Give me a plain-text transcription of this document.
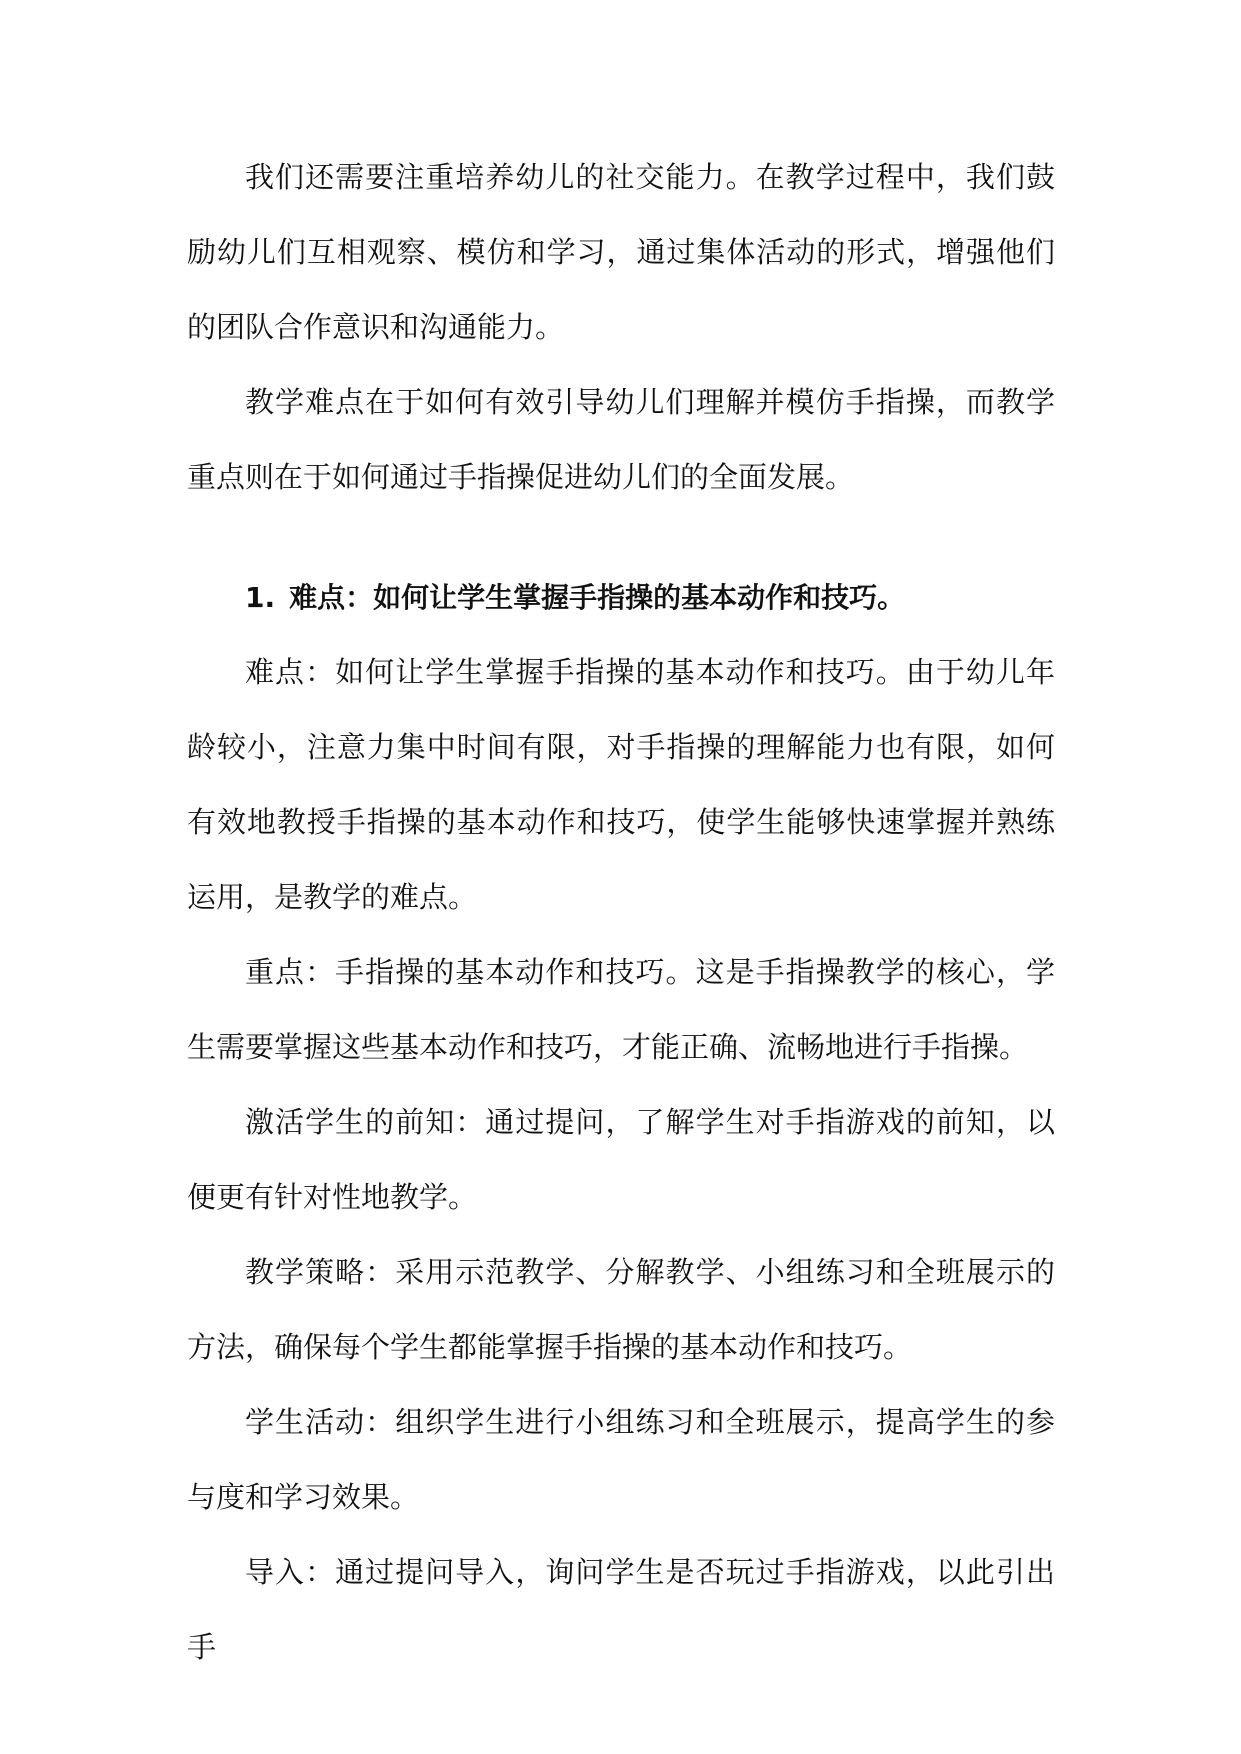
我们还需要注重培养幼儿的社交能力。在教学过程中，我们鼓励幼儿们互相观察、模仿和学习，通过集体活动的形式，增强他们的团队合作意识和沟通能力。

教学难点在于如何有效引导幼儿们理解并模仿手指操，而教学重点则在于如何通过手指操促进幼儿们的全面发展。

1. 难点：如何让学生掌握手指操的基本动作和技巧。

难点：如何让学生掌握手指操的基本动作和技巧。由于幼儿年龄较小，注意力集中时间有限，对手指操的理解能力也有限，如何有效地教授手指操的基本动作和技巧，使学生能够快速掌握并熟练运用，是教学的难点。

重点：手指操的基本动作和技巧。这是手指操教学的核心，学生需要掌握这些基本动作和技巧，才能正确、流畅地进行手指操。

激活学生的前知：通过提问，了解学生对手指游戏的前知，以便更有针对性地教学。

教学策略：采用示范教学、分解教学、小组练习和全班展示的方法，确保每个学生都能掌握手指操的基本动作和技巧。

学生活动：组织学生进行小组练习和全班展示，提高学生的参与度和学习效果。

导入：通过提问导入，询问学生是否玩过手指游戏，以此引出手
